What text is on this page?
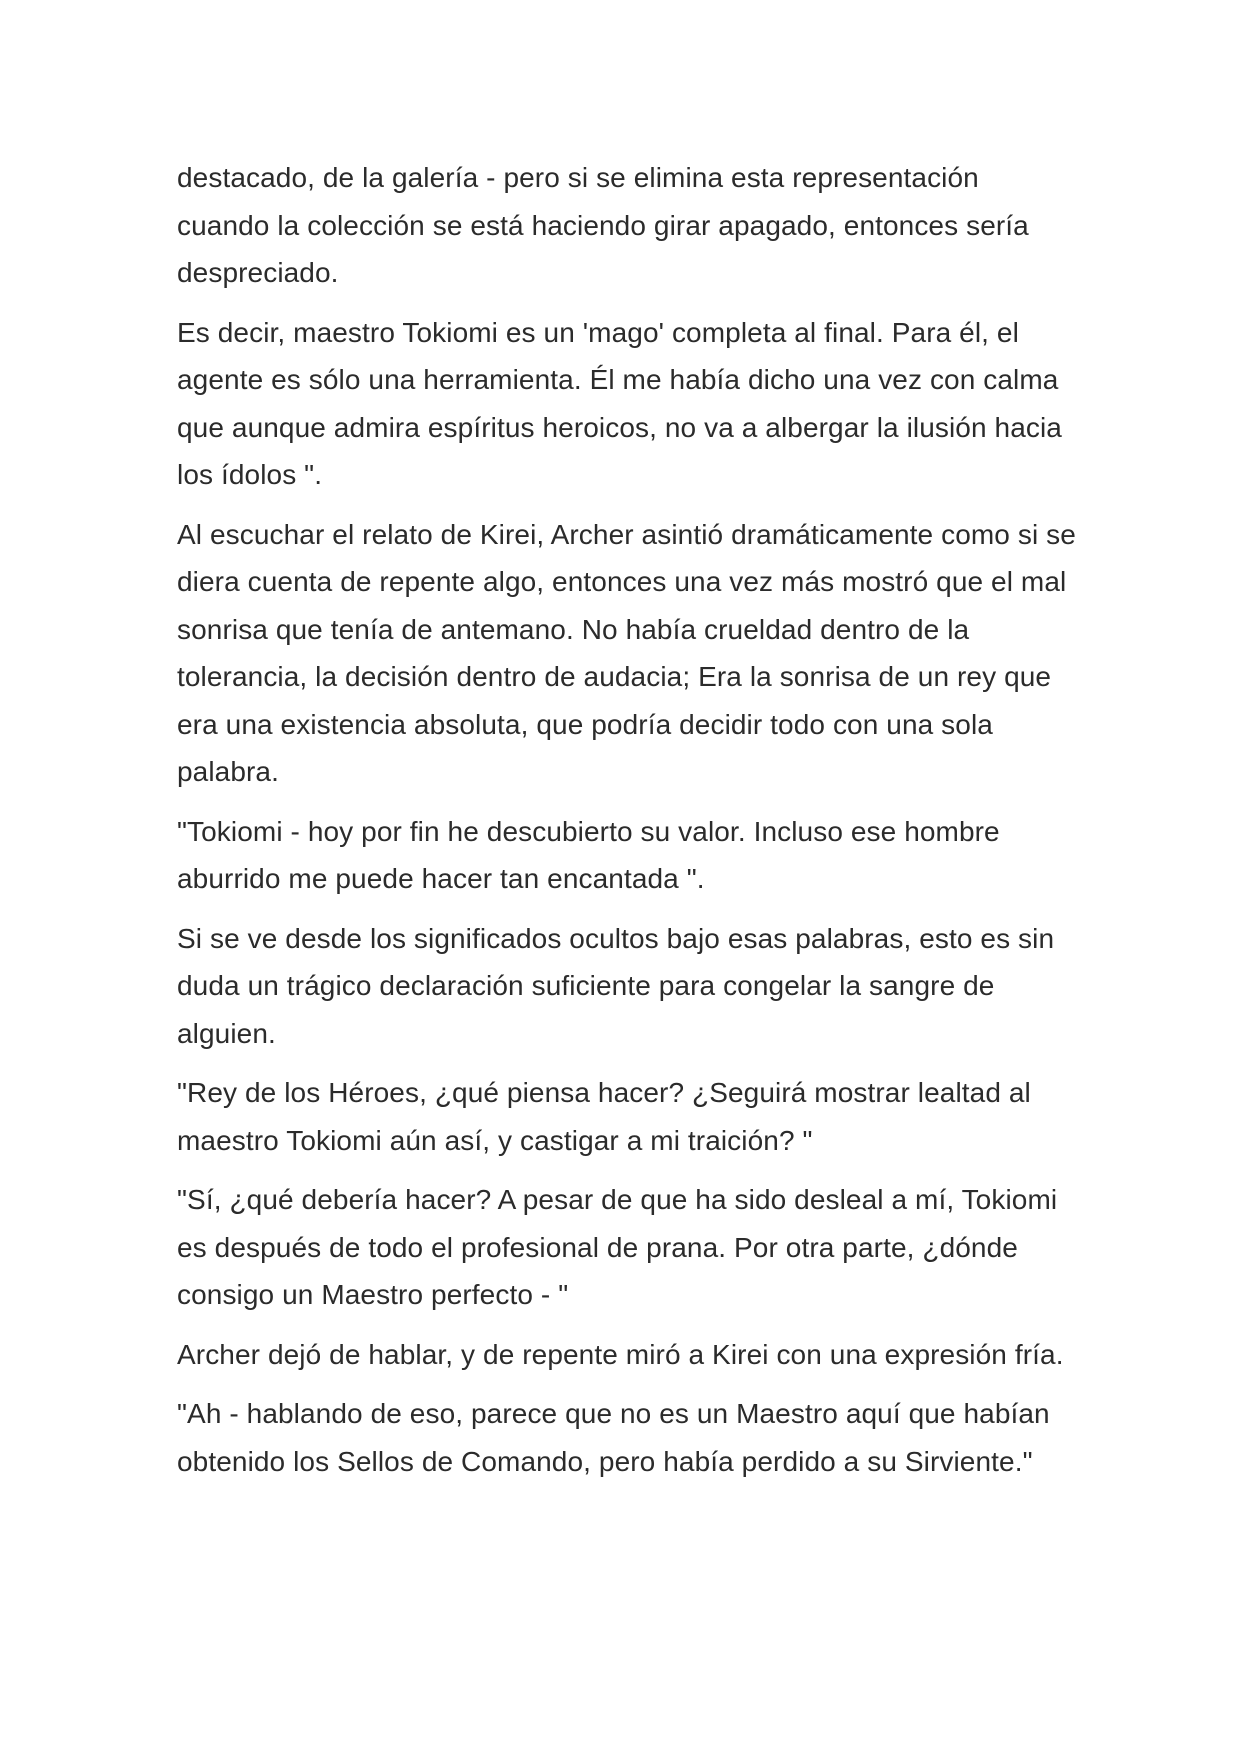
destacado, de la galería - pero si se elimina esta representación cuando la colección se está haciendo girar apagado, entonces sería despreciado.

Es decir, maestro Tokiomi es un 'mago' completa al final. Para él, el agente es sólo una herramienta. Él me había dicho una vez con calma que aunque admira espíritus heroicos, no va a albergar la ilusión hacia los ídolos ".

Al escuchar el relato de Kirei, Archer asintió dramáticamente como si se diera cuenta de repente algo, entonces una vez más mostró que el mal sonrisa que tenía de antemano. No había crueldad dentro de la tolerancia, la decisión dentro de audacia; Era la sonrisa de un rey que era una existencia absoluta, que podría decidir todo con una sola palabra.

"Tokiomi - hoy por fin he descubierto su valor. Incluso ese hombre aburrido me puede hacer tan encantada ".

Si se ve desde los significados ocultos bajo esas palabras, esto es sin duda un trágico declaración suficiente para congelar la sangre de alguien.

"Rey de los Héroes, ¿qué piensa hacer? ¿Seguirá mostrar lealtad al maestro Tokiomi aún así, y castigar a mi traición? "

"Sí, ¿qué debería hacer? A pesar de que ha sido desleal a mí, Tokiomi es después de todo el profesional de prana. Por otra parte, ¿dónde consigo un Maestro perfecto - "

Archer dejó de hablar, y de repente miró a Kirei con una expresión fría.

"Ah - hablando de eso, parece que no es un Maestro aquí que habían obtenido los Sellos de Comando, pero había perdido a su Sirviente."
